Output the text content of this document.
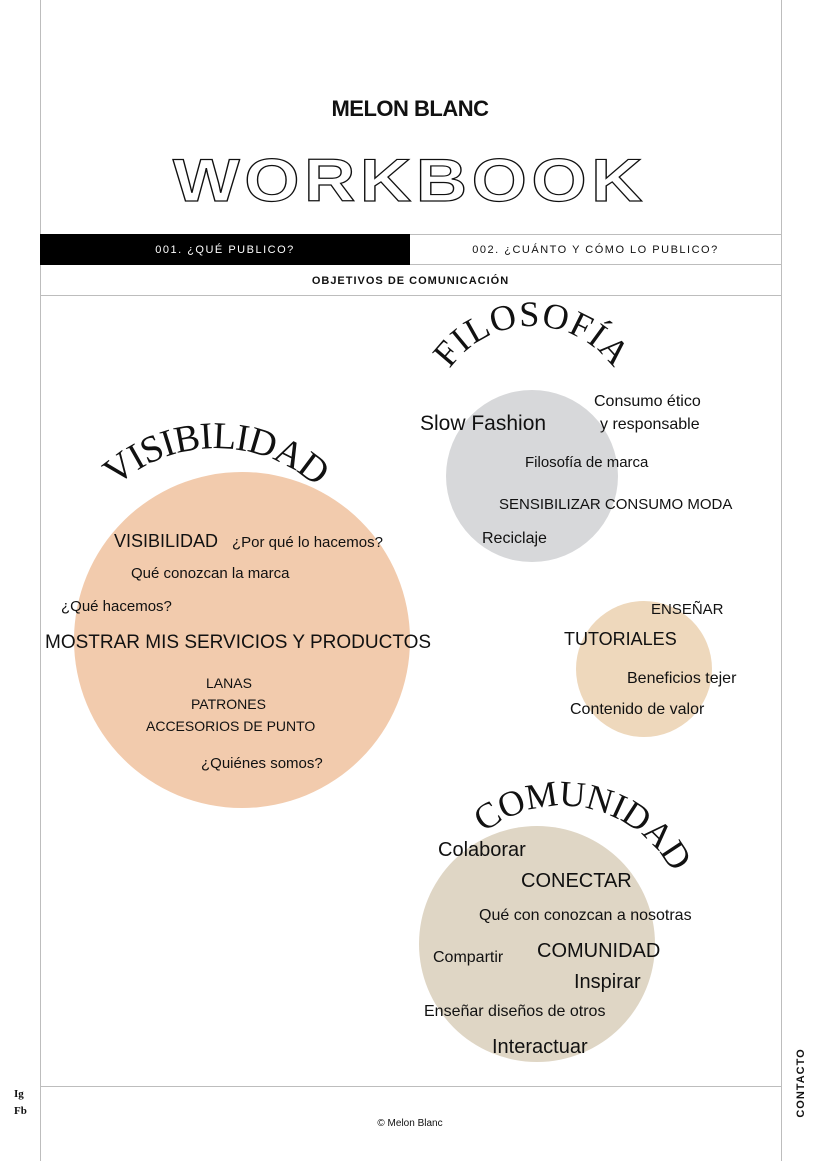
MELON BLANC
WORKBOOK
001. ¿QUÉ PUBLICO?	002. ¿CUÁNTO Y CÓMO LO PUBLICO?
OBJETIVOS DE COMUNICACIÓN
VISIBILIDAD
FILOSOFÍA
COMUNIDAD
VISIBILIDAD ¿Por qué lo hacemos?
Qué conozcan la marca
¿Qué hacemos?
MOSTRAR MIS SERVICIOS Y PRODUCTOS
LANAS
PATRONES
ACCESORIOS DE PUNTO
¿Quiénes somos?
Consumo ético
y responsable
Slow Fashion
Filosofía de marca
SENSIBILIZAR CONSUMO MODA
Reciclaje
ENSEÑAR
TUTORIALES
Beneficios tejer
Contenido de valor
Colaborar
CONECTAR
Qué con conozcan a nosotras
Compartir COMUNIDAD
Inspirar
Enseñar diseños de otros
Interactuar
Ig
Fb	CONTACTO
© Melon Blanc
